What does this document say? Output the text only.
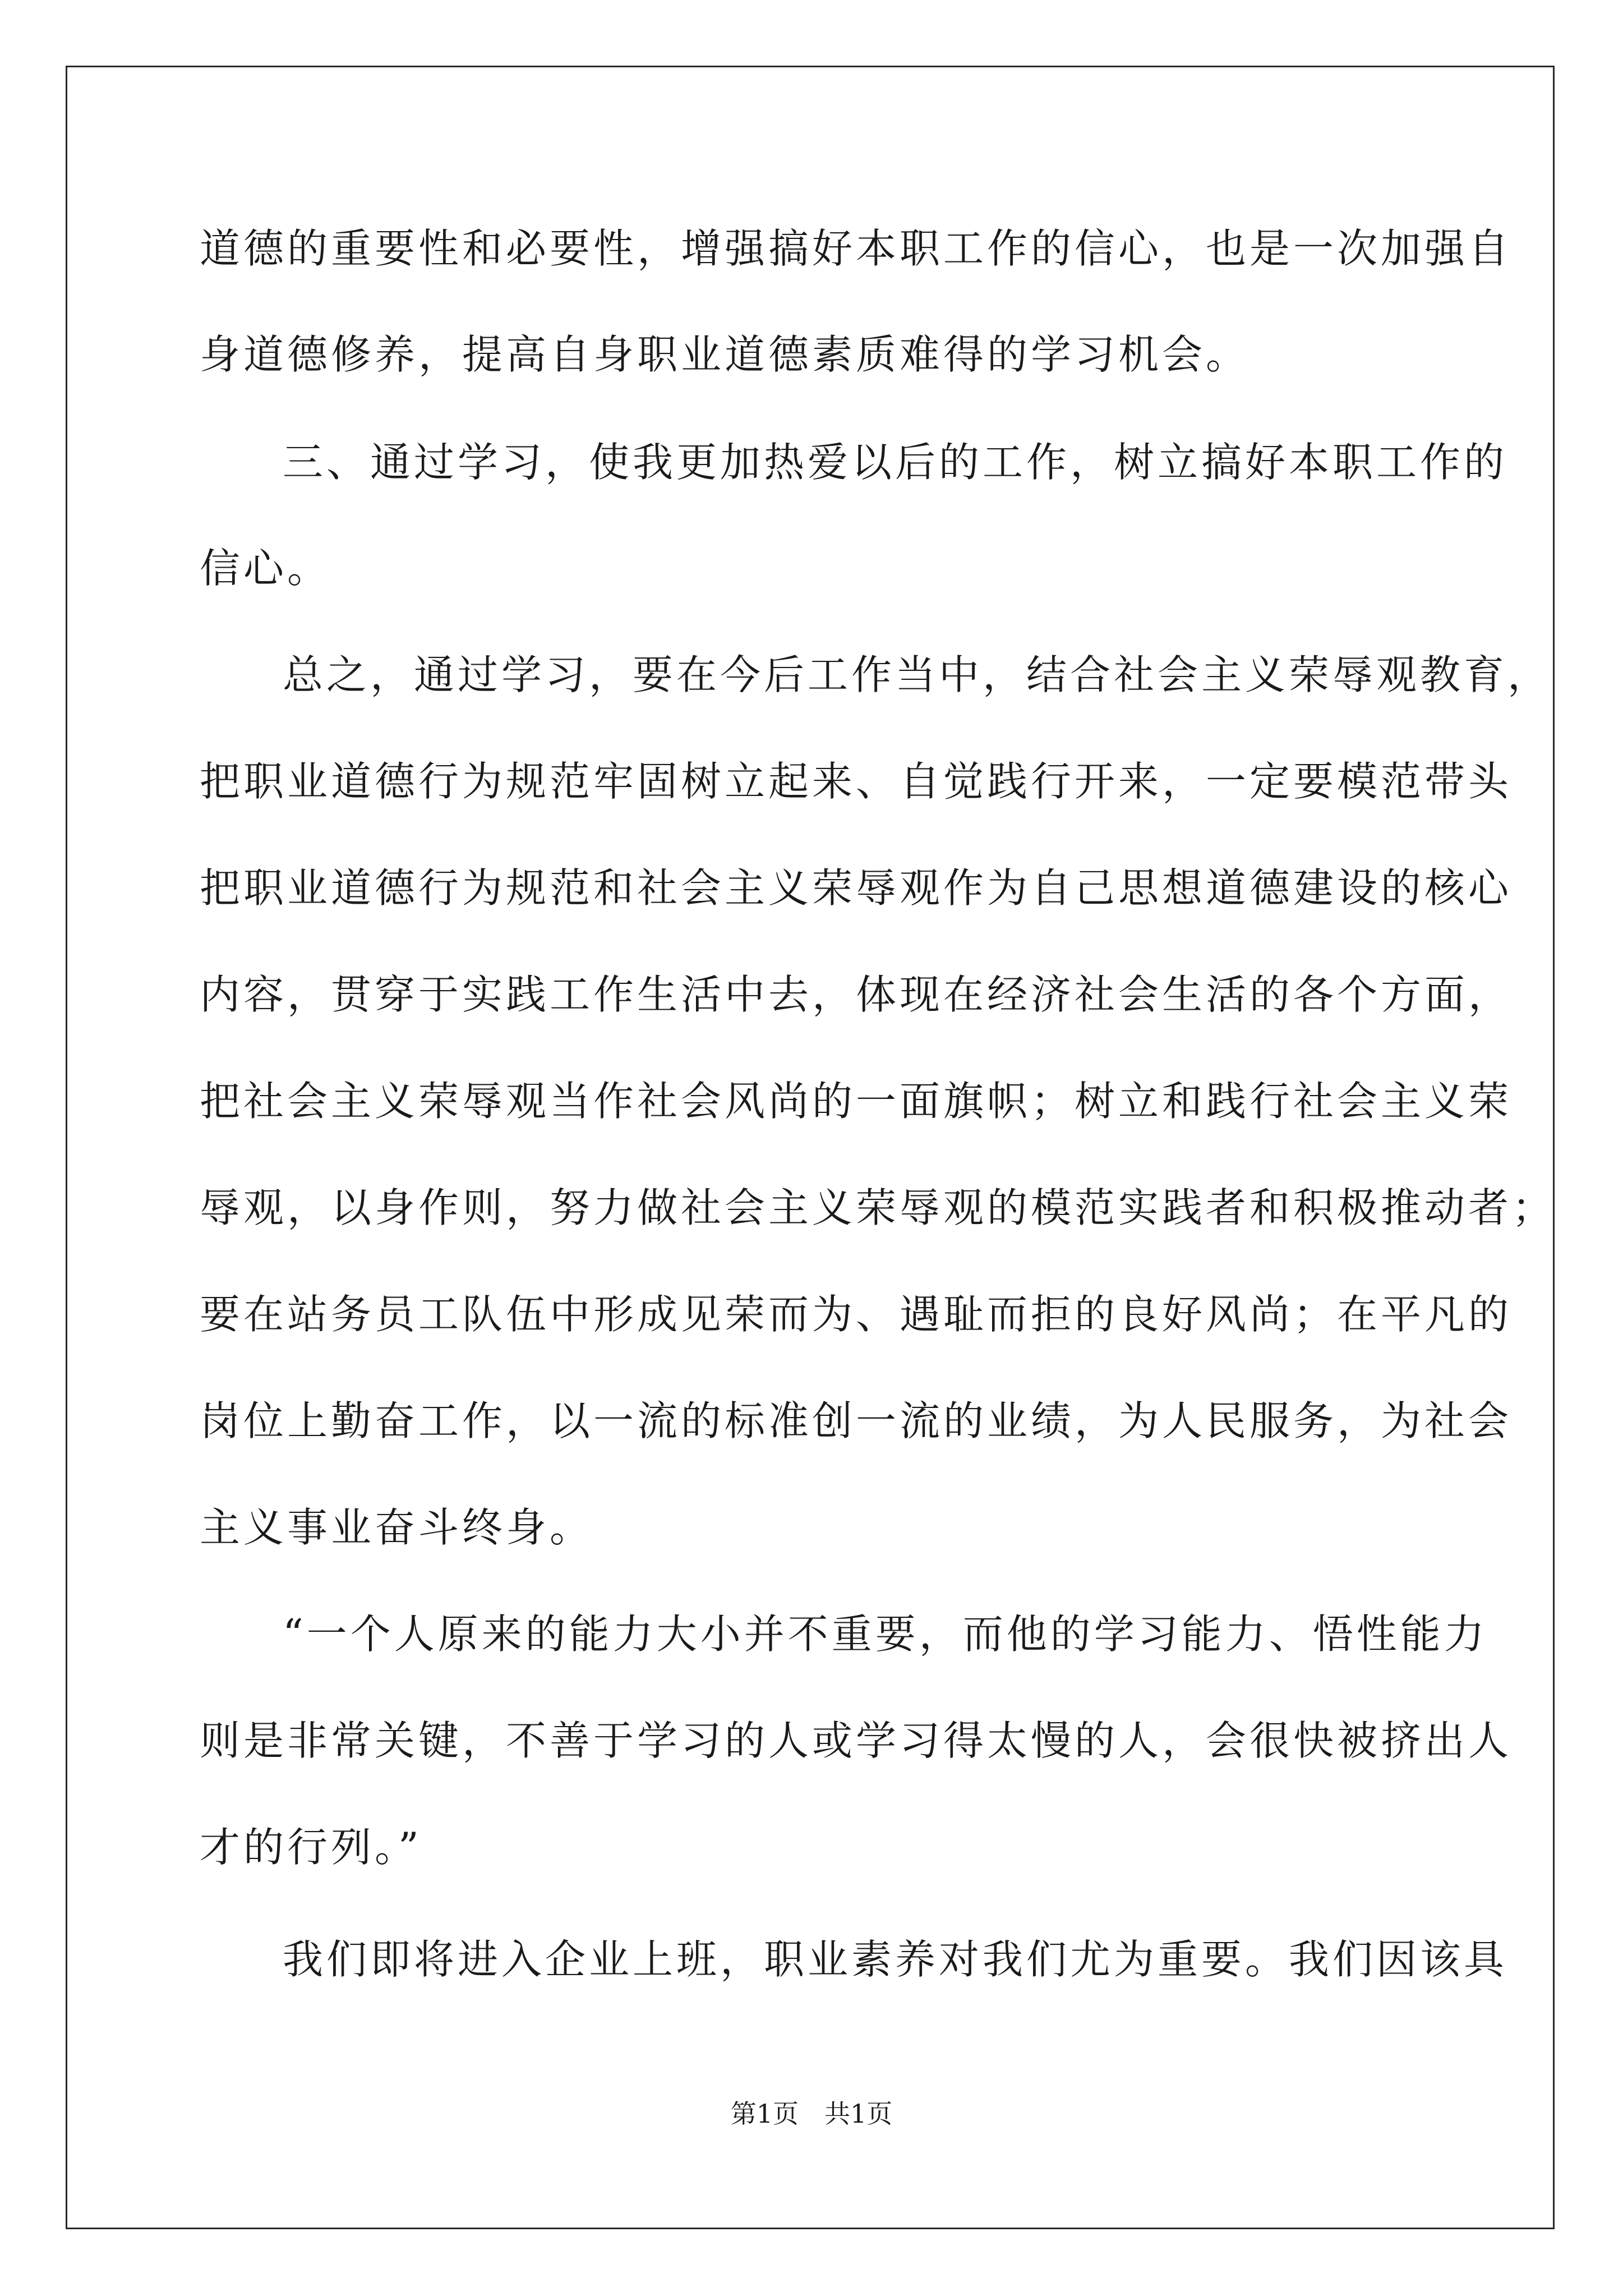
道德的重要性和必要性，增强搞好本职工作的信心，也是一次加强自
身道德修养，提高自身职业道德素质难得的学习机会。
三、通过学习，使我更加热爱以后的工作，树立搞好本职工作的
信心。
总之，通过学习，要在今后工作当中，结合社会主义荣辱观教育，
把职业道德行为规范牢固树立起来、自觉践行开来，一定要模范带头
把职业道德行为规范和社会主义荣辱观作为自己思想道德建设的核心
内容，贯穿于实践工作生活中去，体现在经济社会生活的各个方面，
把社会主义荣辱观当作社会风尚的一面旗帜；树立和践行社会主义荣
辱观，以身作则，努力做社会主义荣辱观的模范实践者和积极推动者；
要在站务员工队伍中形成见荣而为、遇耻而拒的良好风尚；在平凡的
岗位上勤奋工作，以一流的标准创一流的业绩，为人民服务，为社会
主义事业奋斗终身。
“一个人原来的能力大小并不重要，而他的学习能力、悟性能力
则是非常关键，不善于学习的人或学习得太慢的人，会很快被挤出人
才的行列。”
我们即将进入企业上班，职业素养对我们尤为重要。我们因该具
第1页　共1页
